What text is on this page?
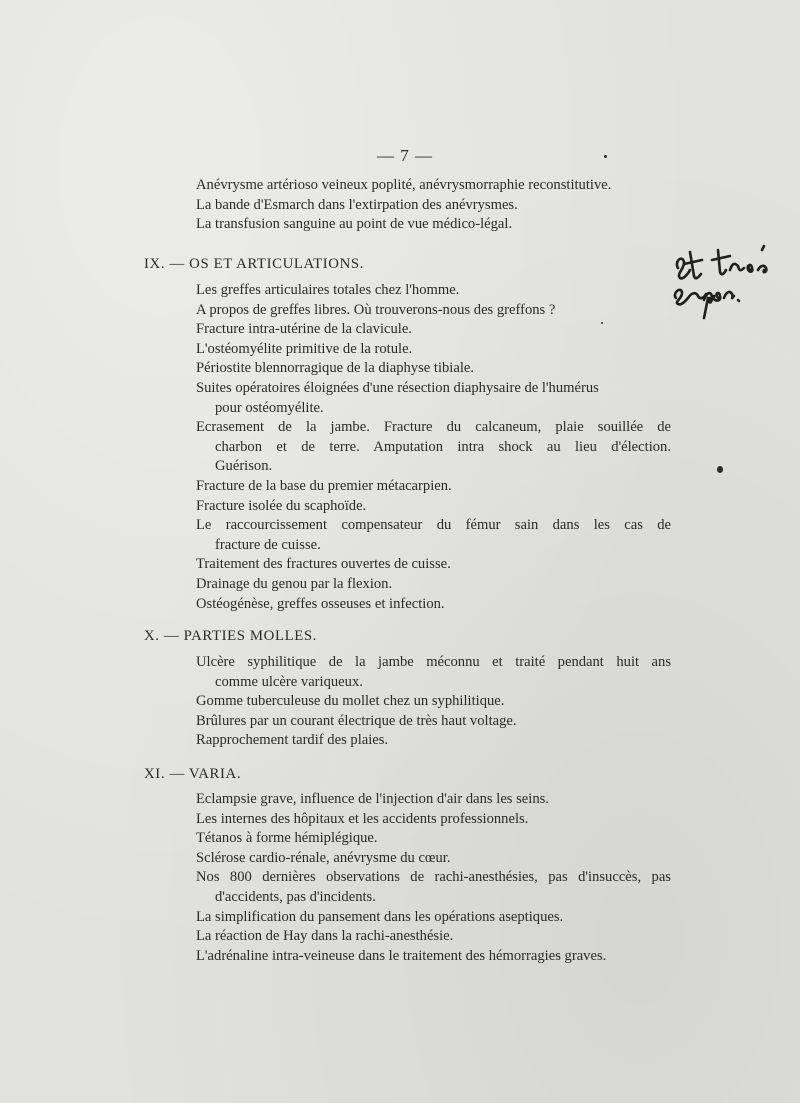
— 7 —
Anévrysme artérioso veineux poplité, anévrysmorraphie reconstitutive.
La bande d'Esmarch dans l'extirpation des anévrysmes.
La transfusion sanguine au point de vue médico-légal.
IX. — OS ET ARTICULATIONS.
Les greffes articulaires totales chez l'homme.
A propos de greffes libres. Où trouverons-nous des greffons ?
Fracture intra-utérine de la clavicule.
L'ostéomyélite primitive de la rotule.
Périostite blennorragique de la diaphyse tibiale.
Suites opératoires éloignées d'une résection diaphysaire de l'humérus
pour ostéomyélite.
Ecrasement de la jambe. Fracture du calcaneum, plaie souillée de
charbon et de terre. Amputation intra shock au lieu d'élection.
Guérison.
Fracture de la base du premier métacarpien.
Fracture isolée du scaphoïde.
Le raccourcissement compensateur du fémur sain dans les cas de
fracture de cuisse.
Traitement des fractures ouvertes de cuisse.
Drainage du genou par la flexion.
Ostéogénèse, greffes osseuses et infection.
X. — PARTIES MOLLES.
Ulcère syphilitique de la jambe méconnu et traité pendant huit ans
comme ulcère variqueux.
Gomme tuberculeuse du mollet chez un syphilitique.
Brûlures par un courant électrique de très haut voltage.
Rapprochement tardif des plaies.
XI. — VARIA.
Eclampsie grave, influence de l'injection d'air dans les seins.
Les internes des hôpitaux et les accidents professionnels.
Tétanos à forme hémiplégique.
Sclérose cardio-rénale, anévrysme du cœur.
Nos 800 dernières observations de rachi-anesthésies, pas d'insuccès, pas
d'accidents, pas d'incidents.
La simplification du pansement dans les opérations aseptiques.
La réaction de Hay dans la rachi-anesthésie.
L'adrénaline intra-veineuse dans le traitement des hémorragies graves.
